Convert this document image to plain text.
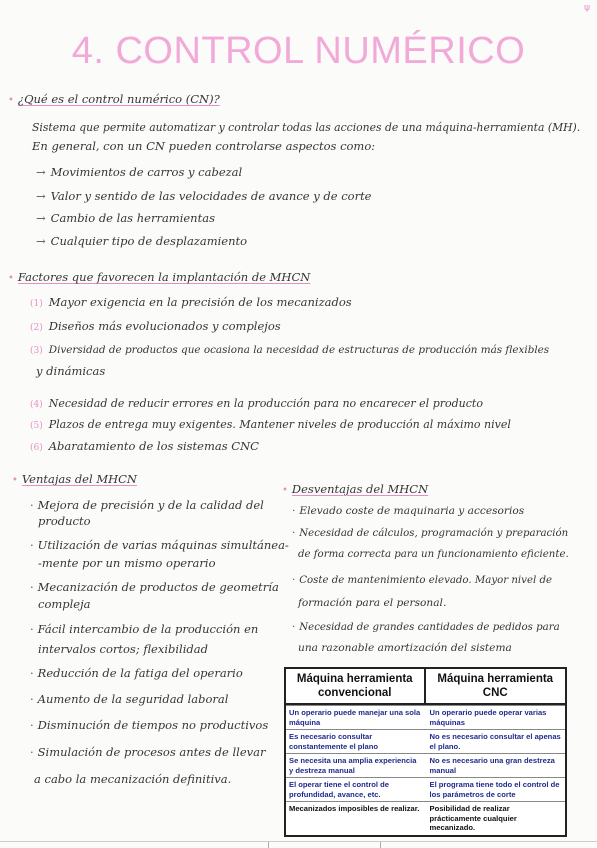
ψ
4. CONTROL NUMÉRICO
• ¿Qué es el control numérico (CN)?
Sistema que permite automatizar y controlar todas las acciones de una máquina-herramienta (MH).
En general, con un CN pueden controlarse aspectos como:
→ Movimientos de carros y cabezal
→ Valor y sentido de las velocidades de avance y de corte
→ Cambio de las herramientas
→ Cualquier tipo de desplazamiento
• Factores que favorecen la implantación de MHCN
(1) Mayor exigencia en la precisión de los mecanizados
(2) Diseños más evolucionados y complejos
(3) Diversidad de productos que ocasiona la necesidad de estructuras de producción más flexibles
y dinámicas
(4) Necesidad de reducir errores en la producción para no encarecer el producto
(5) Plazos de entrega muy exigentes. Mantener niveles de producción al máximo nivel
(6) Abaratamiento de los sistemas CNC
• Ventajas del MHCN
· Mejora de precisión y de la calidad del
producto
· Utilización de varias máquinas simultánea-
-mente por un mismo operario
· Mecanización de productos de geometría
compleja
· Fácil intercambio de la producción en
intervalos cortos; flexibilidad
· Reducción de la fatiga del operario
· Aumento de la seguridad laboral
· Disminución de tiempos no productivos
· Simulación de procesos antes de llevar
a cabo la mecanización definitiva.
• Desventajas del MHCN
· Elevado coste de maquinaria y accesorios
· Necesidad de cálculos, programación y preparación
de forma correcta para un funcionamiento eficiente.
· Coste de mantenimiento elevado. Mayor nivel de
formación para el personal.
· Necesidad de grandes cantidades de pedidos para
una razonable amortización del sistema
Máquina herramienta convencional
Máquina herramienta CNC
Un operario puede manejar una sola máquina
Un operario puede operar varias máquinas
Es necesario consultar constantemente el plano
No es necesario consultar el apenas el plano.
Se necesita una amplia experiencia y destreza manual
No es necesario una gran destreza manual
El operar tiene el control de profundidad, avance, etc.
El programa tiene todo el control de los parámetros de corte
Mecanizados imposibles de realizar.	Posibilidad de realizar prácticamente cualquier mecanizado.
